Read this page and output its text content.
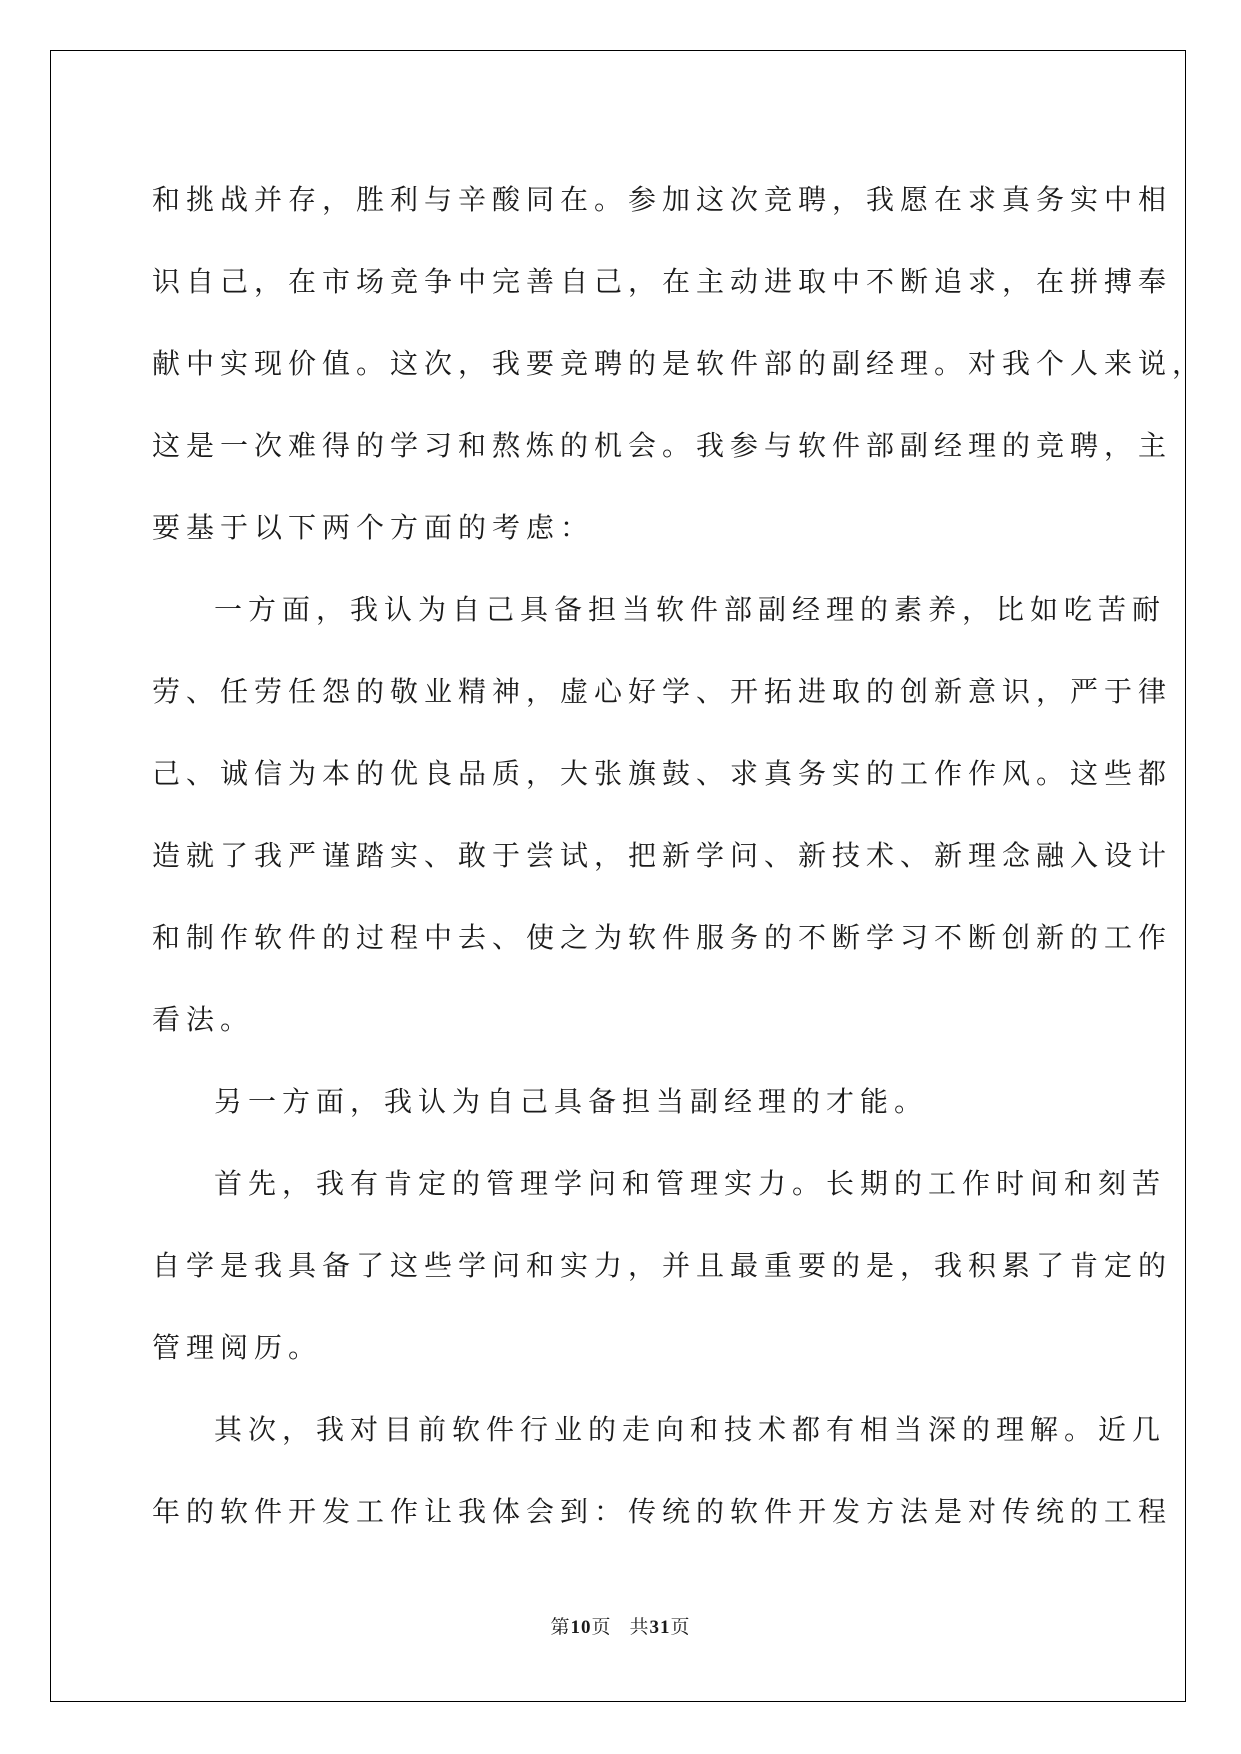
和挑战并存，胜利与辛酸同在。参加这次竞聘，我愿在求真务实中相
识自己，在市场竞争中完善自己，在主动进取中不断追求，在拼搏奉
献中实现价值。这次，我要竞聘的是软件部的副经理。对我个人来说，
这是一次难得的学习和熬炼的机会。我参与软件部副经理的竞聘，主
要基于以下两个方面的考虑：
一方面，我认为自己具备担当软件部副经理的素养，比如吃苦耐
劳、任劳任怨的敬业精神，虚心好学、开拓进取的创新意识，严于律
己、诚信为本的优良品质，大张旗鼓、求真务实的工作作风。这些都
造就了我严谨踏实、敢于尝试，把新学问、新技术、新理念融入设计
和制作软件的过程中去、使之为软件服务的不断学习不断创新的工作
看法。
另一方面，我认为自己具备担当副经理的才能。
首先，我有肯定的管理学问和管理实力。长期的工作时间和刻苦
自学是我具备了这些学问和实力，并且最重要的是，我积累了肯定的
管理阅历。
其次，我对目前软件行业的走向和技术都有相当深的理解。近几
年的软件开发工作让我体会到：传统的软件开发方法是对传统的工程
第10页 共31页
